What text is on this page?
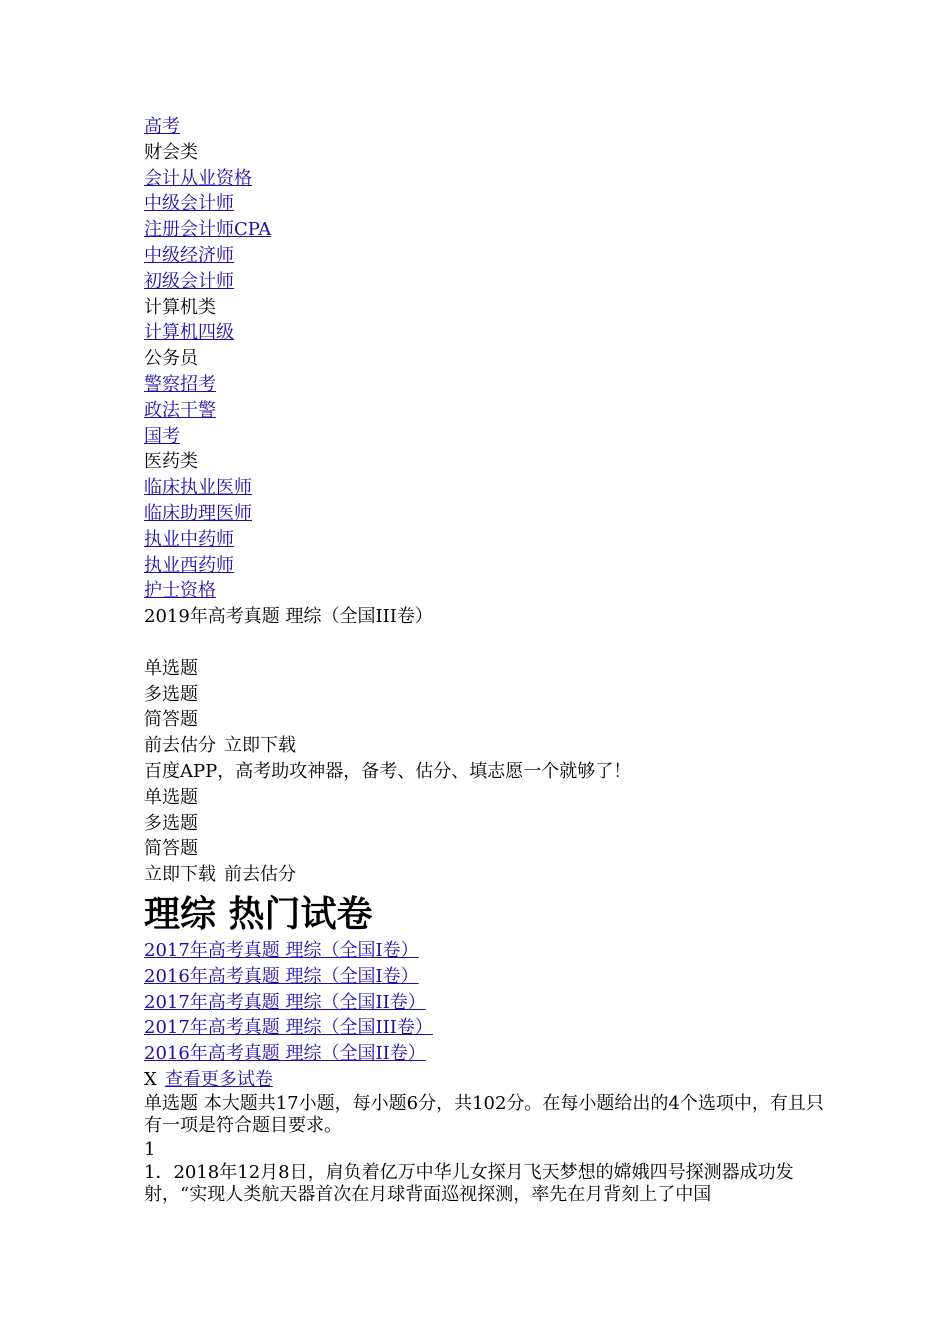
高考
财会类
会计从业资格
中级会计师
注册会计师CPA
中级经济师
初级会计师
计算机类
计算机四级
公务员
警察招考
政法干警
国考
医药类
临床执业医师
临床助理医师
执业中药师
执业西药师
护士资格
2019年高考真题 理综（全国III卷）
单选题
多选题
简答题
前去估分 立即下载
百度APP，高考助攻神器，备考、估分、填志愿一个就够了！
单选题
多选题
简答题
立即下载 前去估分
理综 热门试卷
2017年高考真题 理综（全国I卷）
2016年高考真题 理综（全国I卷）
2017年高考真题 理综（全国II卷）
2017年高考真题 理综（全国III卷）
2016年高考真题 理综（全国II卷）
X 查看更多试卷
单选题 本大题共17小题，每小题6分，共102分。在每小题给出的4个选项中，有且只有一项是符合题目要求。
1
1．2018年12月8日，肩负着亿万中华儿女探月飞天梦想的嫦娥四号探测器成功发射，“实现人类航天器首次在月球背面巡视探测，率先在月背刻上了中国
